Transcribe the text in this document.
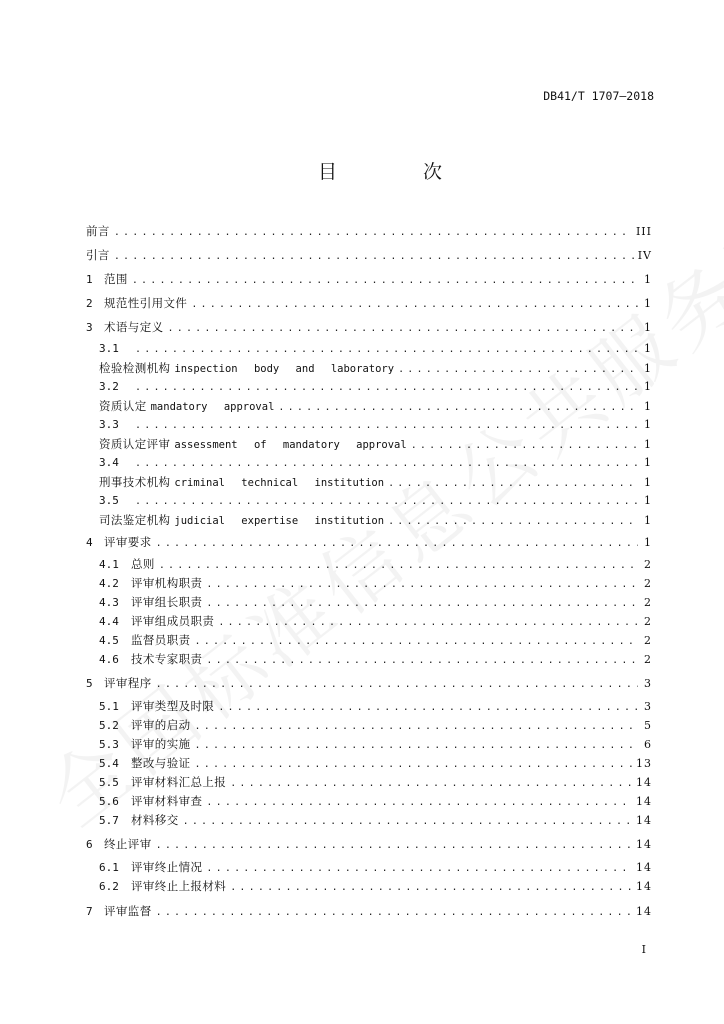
DB41/T 1707—2018
目 次
前言 .....	III
引言 .....	IV
1 范围 .....	1
2 规范性引用文件 .....	1
3 术语与定义 .....	1
3.1 .....	1
检验检测机构 inspection body and laboratory .....	1
3.2 .....	1
资质认定 mandatory approval .....	1
3.3 .....	1
资质认定评审 assessment of mandatory approval .....	1
3.4 .....	1
刑事技术机构 criminal technical institution .....	1
3.5 .....	1
司法鉴定机构 judicial expertise institution .....	1
4 评审要求 .....	1
4.1	总则 .....	2
4.2	评审机构职责 .....	2
4.3	评审组长职责 .....	2
4.4	评审组成员职责 .....	2
4.5	监督员职责 .....	2
4.6	技术专家职责 .....	2
5 评审程序 .....	3
5.1	评审类型及时限 .....	3
5.2	评审的启动 .....	5
5.3	评审的实施 .....	6
5.4	整改与验证 .....	13
5.5	评审材料汇总上报 .....	14
5.6	评审材料审查 .....	14
5.7	材料移交 .....	14
6 终止评审 .....	14
6.1	评审终止情况 .....	14
6.2	评审终止上报材料 .....	14
7 评审监督 .....	14
I
